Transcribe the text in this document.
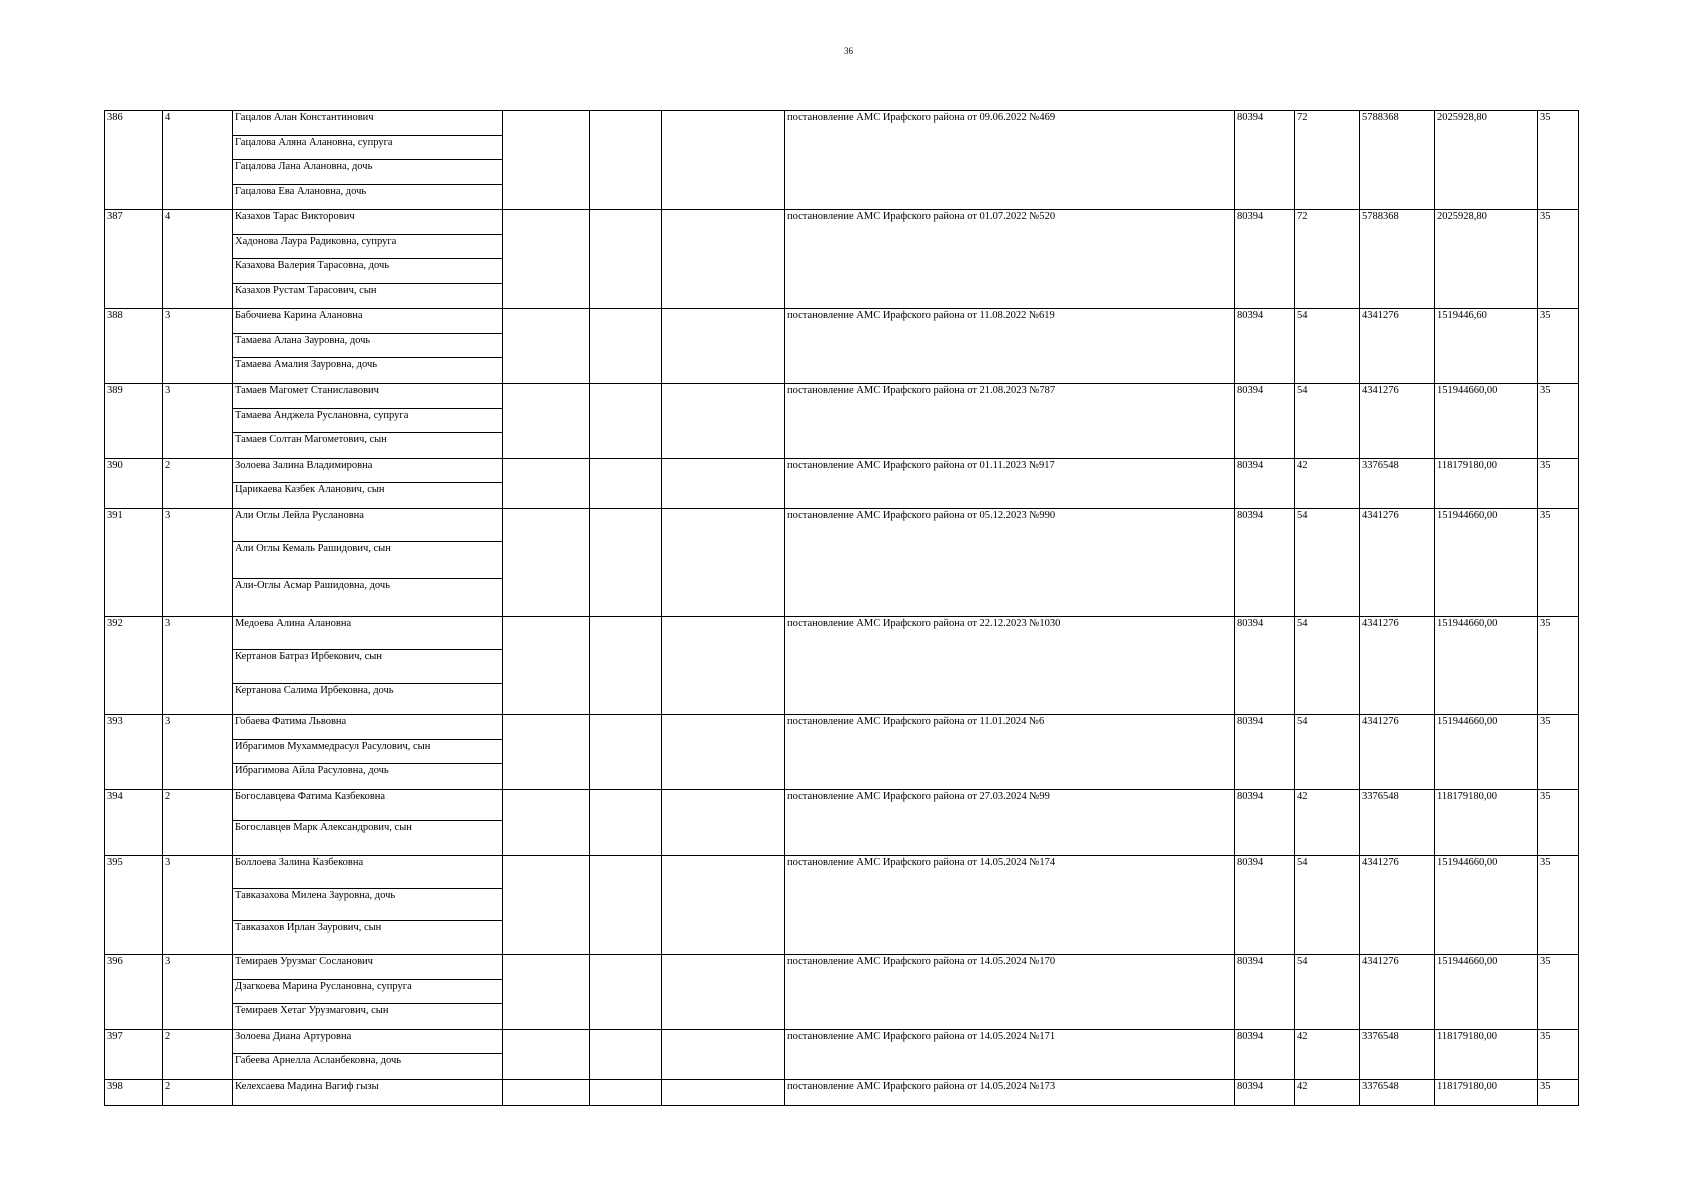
36
386	4	Гацалов Алан Константинович
Гацалова Аляна Алановна, супруга
Гацалова Лана Алановна, дочь
Гацалова Ева Алановна, дочь				постановление АМС Ирафского района от 09.06.2022 №469	80394	72	5788368	2025928,80	35
387	4	Казахов Тарас Викторович
Хадонова Лаура Радиковна, супруга
Казахова Валерия Тарасовна, дочь
Казахов Рустам Тарасович, сын				постановление АМС Ирафского района от 01.07.2022 №520	80394	72	5788368	2025928,80	35
388	3	Бабочиева Карина Алановна
Тамаева Алана Зауровна, дочь
Тамаева Амалия Зауровна, дочь				постановление АМС Ирафского района от 11.08.2022 №619	80394	54	4341276	1519446,60	35
389	3	Тамаев Магомет Станиславович
Тамаева Анджела Руслановна, супруга
Тамаев Солтан Магометович, сын				постановление АМС Ирафского района от 21.08.2023 №787	80394	54	4341276	151944660,00	35
390	2	Золоева Залина Владимировна
Царикаева Казбек Аланович, сын				постановление АМС Ирафского района от 01.11.2023 №917	80394	42	3376548	118179180,00	35
391	3	Али Оглы Лейла Руслановна
Али Оглы Кемаль Рашидович, сын
Али-Оглы Асмар Рашидовна, дочь				постановление АМС Ирафского района от 05.12.2023 №990	80394	54	4341276	151944660,00	35
392	3	Медоева Алина Алановна
Кертанов Батраз Ирбекович, сын
Кертанова Салима Ирбековна, дочь				постановление АМС Ирафского района от 22.12.2023 №1030	80394	54	4341276	151944660,00	35
393	3	Гобаева Фатима Львовна
Ибрагимов Мухаммедрасул Расулович, сын
Ибрагимова Айла Расуловна, дочь				постановление АМС Ирафского района от 11.01.2024 №6	80394	54	4341276	151944660,00	35
394	2	Богославцева Фатима Казбековна
Богославцев Марк Александрович, сын				постановление АМС Ирафского района от 27.03.2024 №99	80394	42	3376548	118179180,00	35
395	3	Боллоева Залина Казбековна
Тавказахова Милена Зауровна, дочь
Тавказахов Ирлан Заурович, сын				постановление АМС Ирафского района от 14.05.2024 №174	80394	54	4341276	151944660,00	35
396	3	Темираев Урузмаг Сосланович
Дзагкоева Марина Руслановна, супруга
Темираев Хетаг Урузмагович, сын				постановление АМС Ирафского района от 14.05.2024 №170	80394	54	4341276	151944660,00	35
397	2	Золоева Диана Артуровна
Габеева Арнелла Асланбековна, дочь				постановление АМС Ирафского района от 14.05.2024 №171	80394	42	3376548	118179180,00	35
398	2	Келехсаева Мадина Вагиф гызы				постановление АМС Ирафского района от 14.05.2024 №173	80394	42	3376548	118179180,00	35
